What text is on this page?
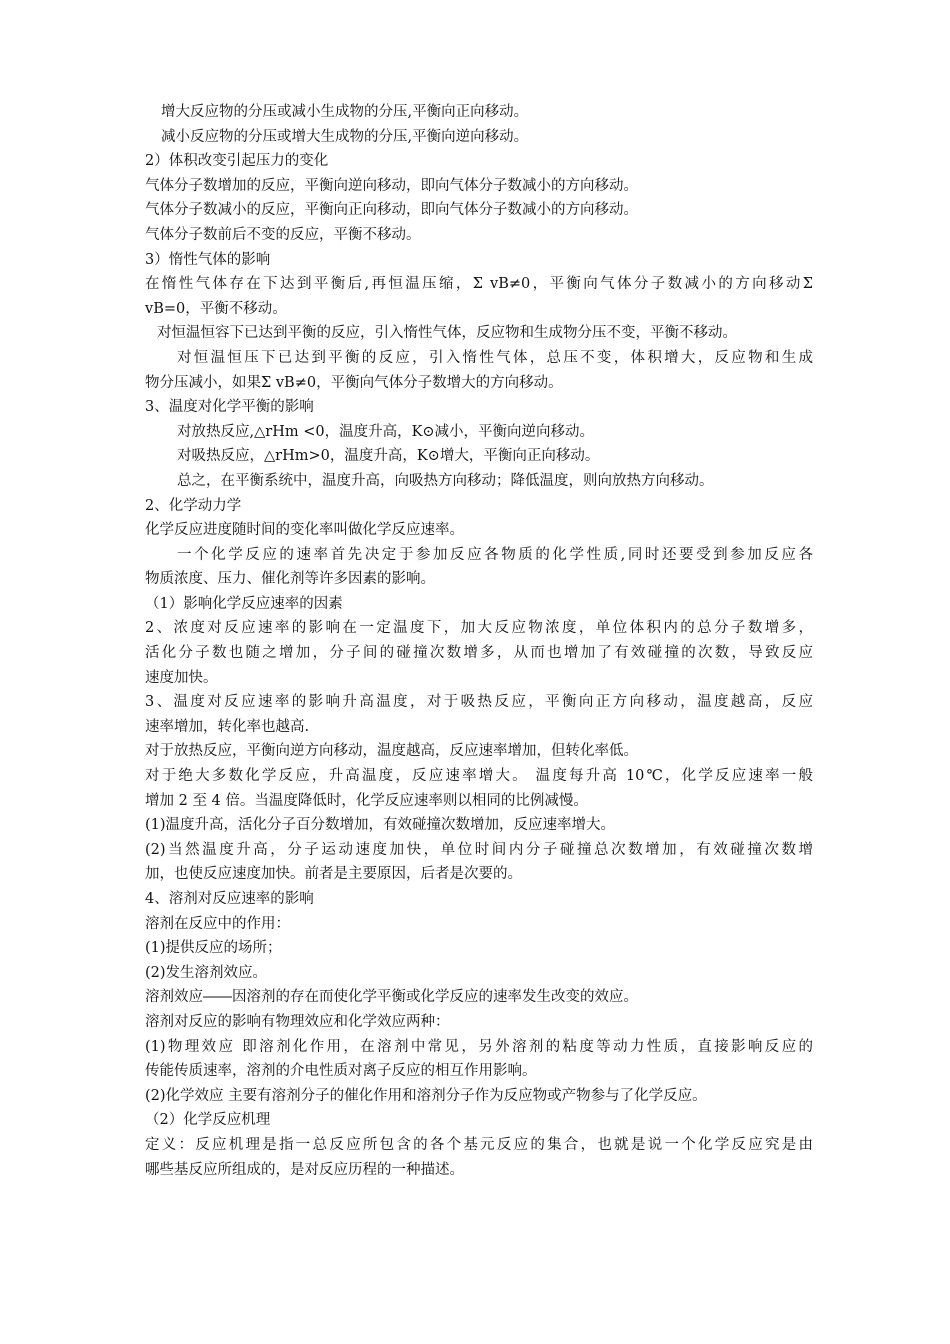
增大反应物的分压或减小生成物的分压,平衡向正向移动。
减小反应物的分压或增大生成物的分压,平衡向逆向移动。
2）体积改变引起压力的变化
气体分子数增加的反应，平衡向逆向移动，即向气体分子数减小的方向移动。
气体分子数减小的反应，平衡向正向移动，即向气体分子数减小的方向移动。
气体分子数前后不变的反应，平衡不移动。
3）惰性气体的影响
在惰性气体存在下达到平衡后,再恒温压缩，Σ vB≠0，平衡向气体分子数减小的方向移动Σ
vB=0，平衡不移动。
对恒温恒容下已达到平衡的反应，引入惰性气体，反应物和生成物分压不变，平衡不移动。
对恒温恒压下已达到平衡的反应，引入惰性气体，总压不变，体积增大，反应物和生成
物分压减小，如果Σ vB≠0，平衡向气体分子数增大的方向移动。
3、温度对化学平衡的影响
对放热反应,△rHm <0，温度升高，K⊙减小，平衡向逆向移动。
对吸热反应，△rHm>0，温度升高，K⊙增大，平衡向正向移动。
总之，在平衡系统中，温度升高，向吸热方向移动；降低温度，则向放热方向移动。
2、化学动力学
化学反应进度随时间的变化率叫做化学反应速率。
一个化学反应的速率首先决定于参加反应各物质的化学性质,同时还要受到参加反应各
物质浓度、压力、催化剂等许多因素的影响。
（1）影响化学反应速率的因素
2、浓度对反应速率的影响在一定温度下，加大反应物浓度，单位体积内的总分子数增多，
活化分子数也随之增加，分子间的碰撞次数增多，从而也增加了有效碰撞的次数，导致反应
速度加快。
3、温度对反应速率的影响升高温度，对于吸热反应，平衡向正方向移动，温度越高，反应
速率增加，转化率也越高.
对于放热反应，平衡向逆方向移动，温度越高，反应速率增加，但转化率低。
对于绝大多数化学反应，升高温度，反应速率增大。 温度每升高 10℃，化学反应速率一般
增加 2 至 4 倍。当温度降低时，化学反应速率则以相同的比例减慢。
(1)温度升高，活化分子百分数增加，有效碰撞次数增加，反应速率增大。
(2)当然温度升高，分子运动速度加快，单位时间内分子碰撞总次数增加，有效碰撞次数增
加，也使反应速度加快。前者是主要原因，后者是次要的。
4、溶剂对反应速率的影响
溶剂在反应中的作用：
(1)提供反应的场所；
(2)发生溶剂效应。
溶剂效应――因溶剂的存在而使化学平衡或化学反应的速率发生改变的效应。
溶剂对反应的影响有物理效应和化学效应两种：
(1)物理效应 即溶剂化作用，在溶剂中常见，另外溶剂的粘度等动力性质，直接影响反应的
传能传质速率，溶剂的介电性质对离子反应的相互作用影响。
(2)化学效应 主要有溶剂分子的催化作用和溶剂分子作为反应物或产物参与了化学反应。
（2）化学反应机理
定义：反应机理是指一总反应所包含的各个基元反应的集合，也就是说一个化学反应究是由
哪些基反应所组成的，是对反应历程的一种描述。
